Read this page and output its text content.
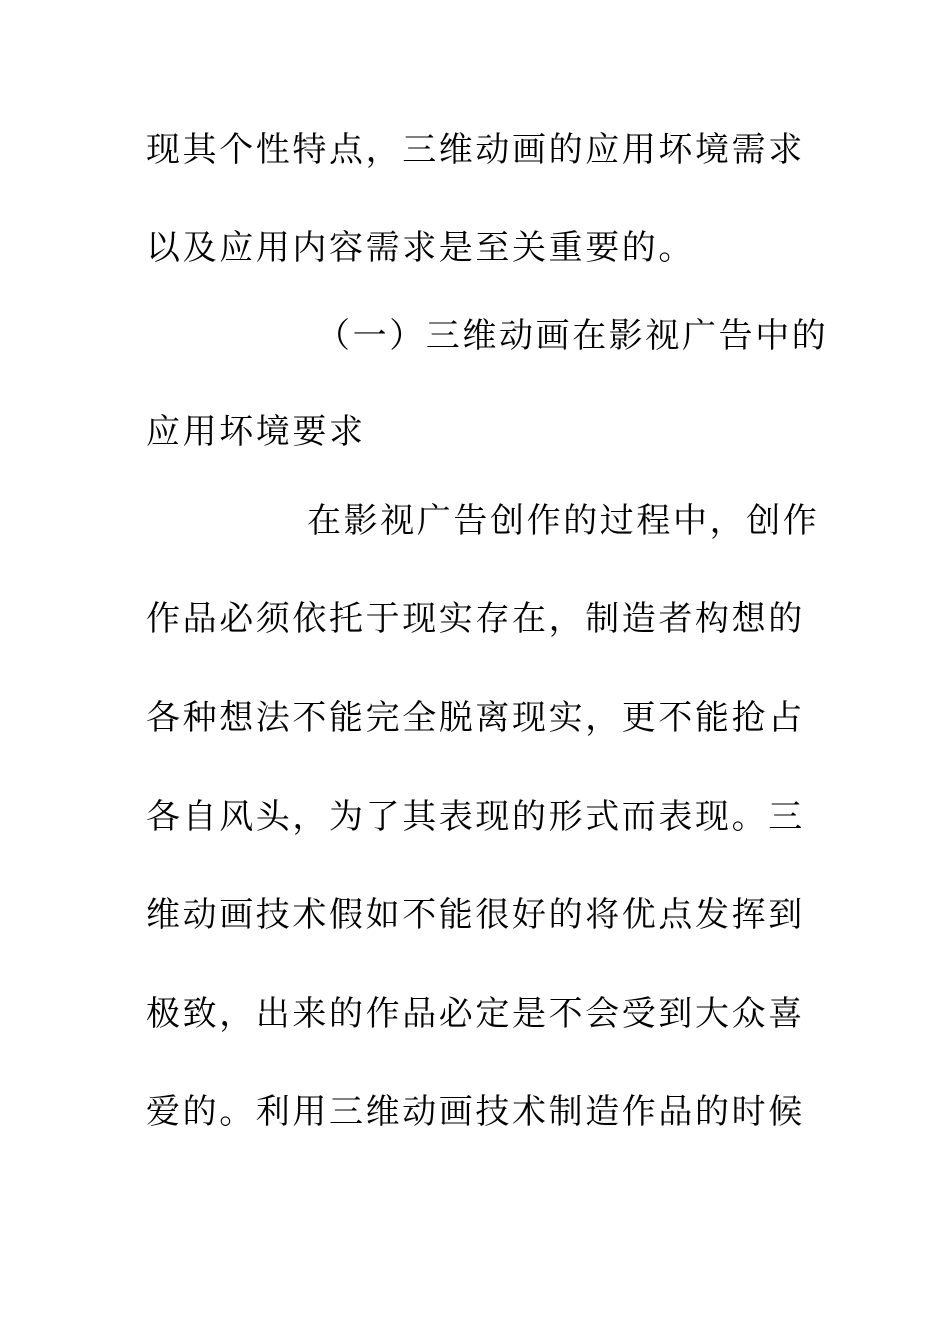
现其个性特点，三维动画的应用坏境需求
以及应用内容需求是至关重要的。
（一）三维动画在影视广告中的
应用坏境要求
在影视广告创作的过程中，创作
作品必须依托于现实存在，制造者构想的
各种想法不能完全脱离现实，更不能抢占
各自风头，为了其表现的形式而表现。三
维动画技术假如不能很好的将优点发挥到
极致，出来的作品必定是不会受到大众喜
爱的。利用三维动画技术制造作品的时候
